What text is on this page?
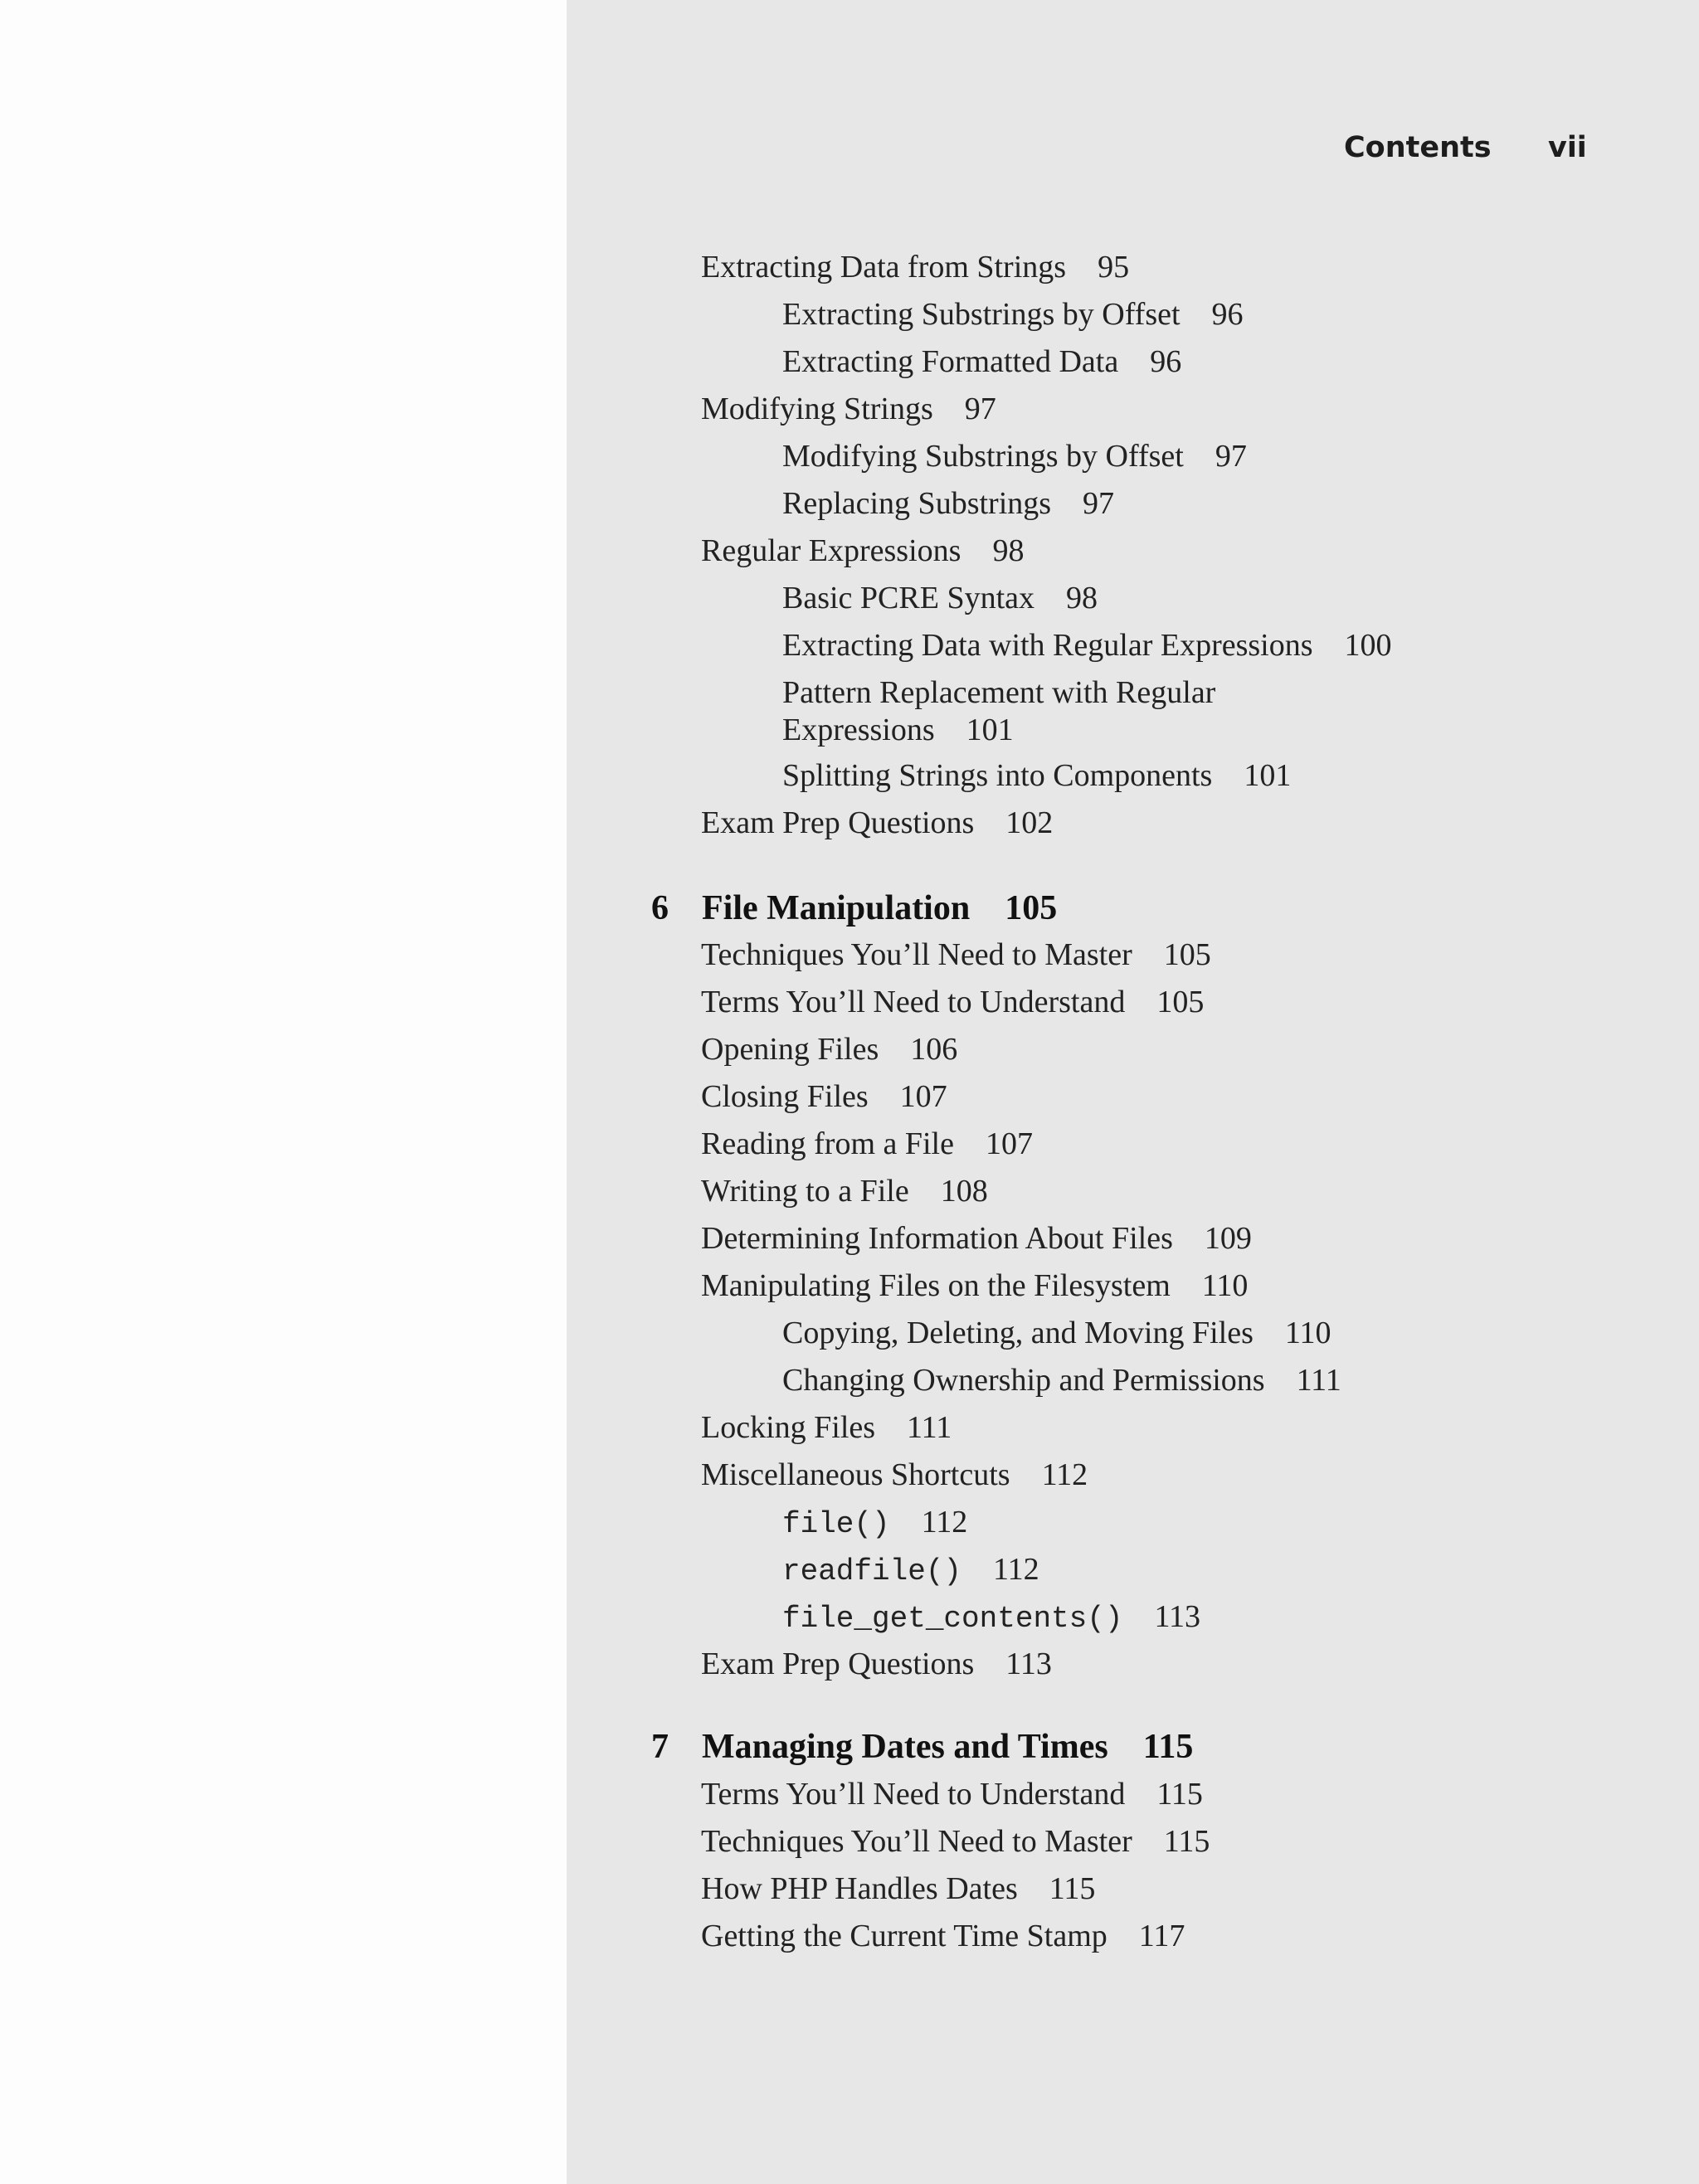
Contents vii
Extracting Data from Strings 95
Extracting Substrings by Offset 96
Extracting Formatted Data 96
Modifying Strings 97
Modifying Substrings by Offset 97
Replacing Substrings 97
Regular Expressions 98
Basic PCRE Syntax 98
Extracting Data with Regular Expressions 100
Pattern Replacement with Regular Expressions 101
Splitting Strings into Components 101
Exam Prep Questions 102
6 File Manipulation 105
Techniques You’ll Need to Master 105
Terms You’ll Need to Understand 105
Opening Files 106
Closing Files 107
Reading from a File 107
Writing to a File 108
Determining Information About Files 109
Manipulating Files on the Filesystem 110
Copying, Deleting, and Moving Files 110
Changing Ownership and Permissions 111
Locking Files 111
Miscellaneous Shortcuts 112
file() 112
readfile() 112
file_get_contents() 113
Exam Prep Questions 113
7 Managing Dates and Times 115
Terms You’ll Need to Understand 115
Techniques You’ll Need to Master 115
How PHP Handles Dates 115
Getting the Current Time Stamp 117
